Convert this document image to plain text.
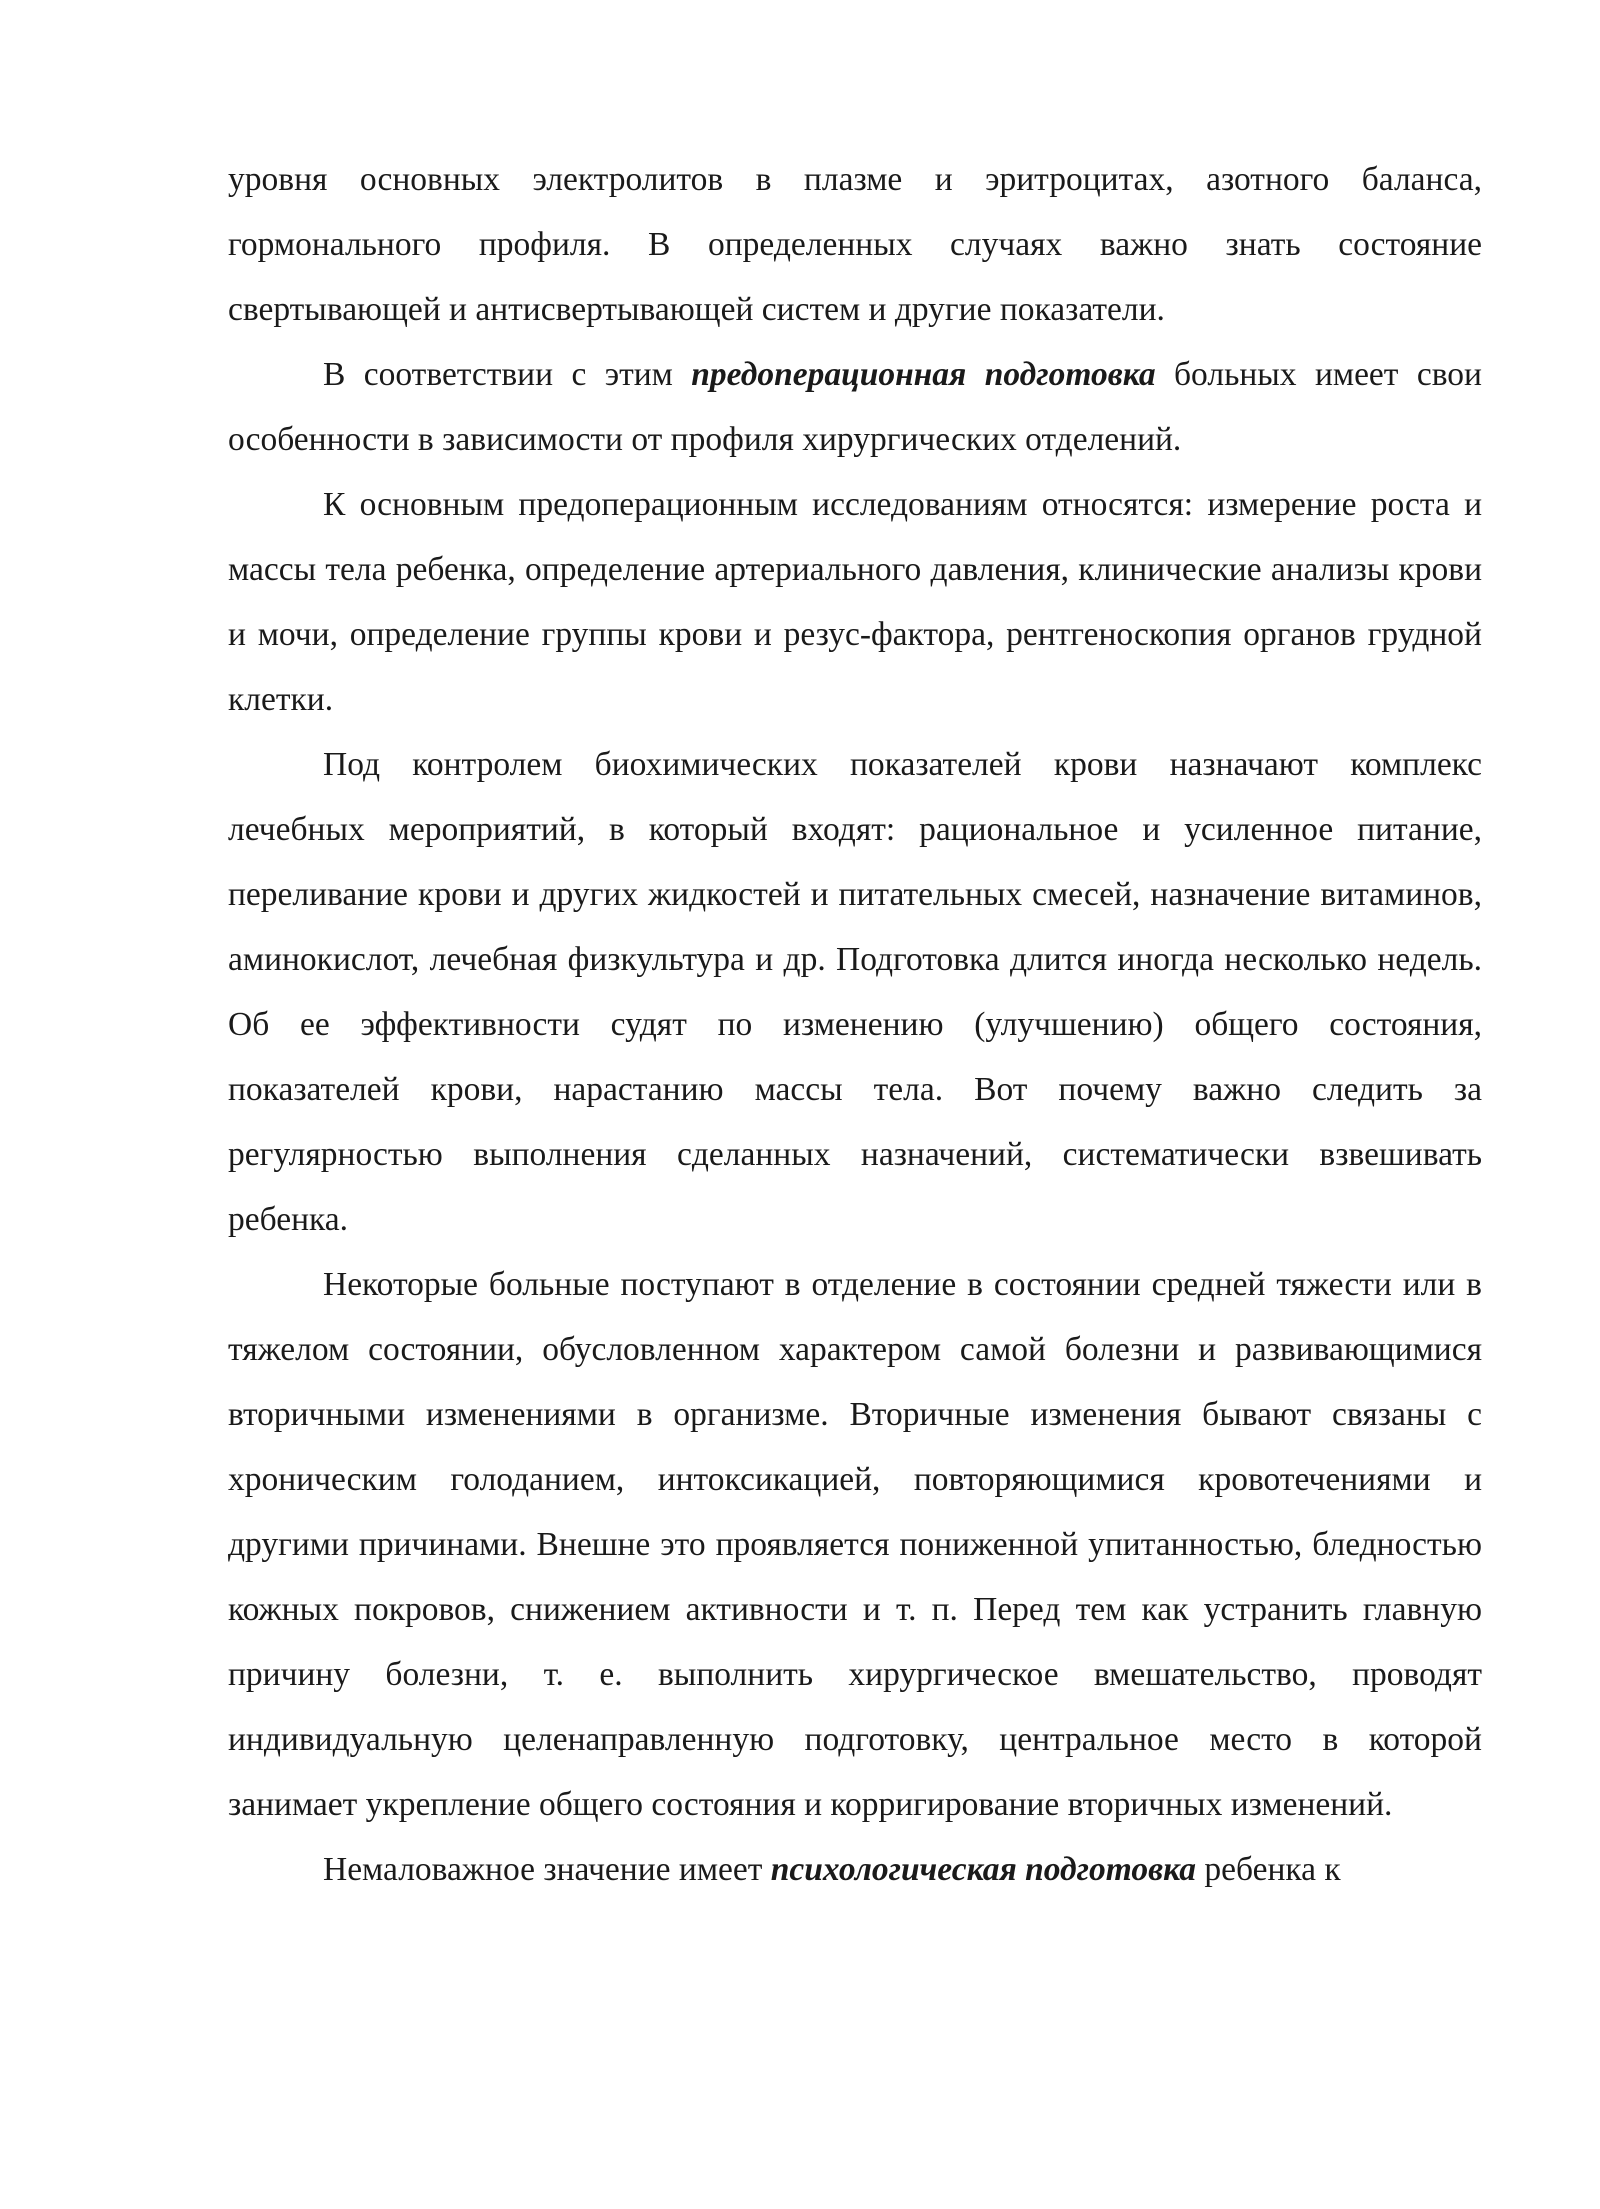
уровня основных электролитов в плазме и эритроцитах, азотного баланса, гормонального профиля. В определенных случаях важно знать состояние свертывающей и антисвертывающей систем и другие показатели.

В соответствии с этим предоперационная подготовка больных имеет свои особенности в зависимости от профиля хирургических отделений.

К основным предоперационным исследованиям относятся: измерение роста и массы тела ребенка, определение артериального давления, клинические анализы крови и мочи, определение группы крови и резус-фактора, рентгеноскопия органов грудной клетки.

Под контролем биохимических показателей крови назначают комплекс лечебных мероприятий, в который входят: рациональное и усиленное питание, переливание крови и других жидкостей и питательных смесей, назначение витаминов, аминокислот, лечебная физкультура и др. Подготовка длится иногда несколько недель. Об ее эффективности судят по изменению (улучшению) общего состояния, показателей крови, нарастанию массы тела. Вот почему важно следить за регулярностью выполнения сделанных назначений, систематически взвешивать ребенка.

Некоторые больные поступают в отделение в состоянии средней тяжести или в тяжелом состоянии, обусловленном характером самой болезни и развивающимися вторичными изменениями в организме. Вторичные изменения бывают связаны с хроническим голоданием, интоксикацией, повторяющимися кровотечениями и другими причинами. Внешне это проявляется пониженной упитанностью, бледностью кожных покровов, снижением активности и т. п. Перед тем как устранить главную причину болезни, т. е. выполнить хирургическое вмешательство, проводят индивидуальную целенаправленную подготовку, центральное место в которой занимает укрепление общего состояния и корригирование вторичных изменений.

Немаловажное значение имеет психологическая подготовка ребенка к
